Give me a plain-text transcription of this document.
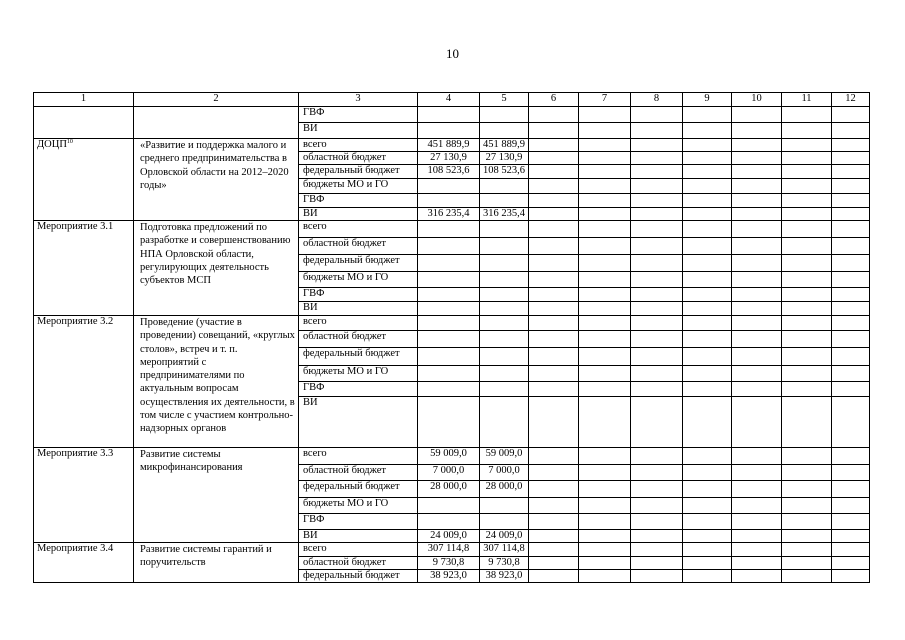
10
1	2	3	4	5	6	7	8	9	10	11	12
		ГВФ									
		ВИ									
ДОЦП$^{10}$	«Развитие и поддержка малого и среднего предпринимательства в Орловской области на 2012–2020 годы»	всего	451 889,9	451 889,9							
		областной бюджет	27 130,9	27 130,9							
		федеральный бюджет	108 523,6	108 523,6							
		бюджеты МО и ГО									
		ГВФ									
		ВИ	316 235,4	316 235,4							
Мероприятие 3.1	Подготовка предложений по разработке и совершенствованию НПА Орловской области, регулирующих деятельность субъектов МСП	всего									
		областной бюджет									
		федеральный бюджет									
		бюджеты МО и ГО									
		ГВФ									
		ВИ									
Мероприятие 3.2	Проведение (участие в проведении) совещаний, «круглых столов», встреч и т. п. мероприятий с предпринимателями по актуальным вопросам осуществления их деятельности, в том числе с участием контрольно-надзорных органов	всего									
		областной бюджет									
		федеральный бюджет									
		бюджеты МО и ГО									
		ГВФ									
		ВИ									
Мероприятие 3.3	Развитие системы микрофинансирования	всего	59 009,0	59 009,0							
		областной бюджет	7 000,0	7 000,0							
		федеральный бюджет	28 000,0	28 000,0							
		бюджеты МО и ГО									
		ГВФ									
		ВИ	24 009,0	24 009,0							
Мероприятие 3.4	Развитие системы гарантий и поручительств	всего	307 114,8	307 114,8							
		областной бюджет	9 730,8	9 730,8							
		федеральный бюджет	38 923,0	38 923,0							
